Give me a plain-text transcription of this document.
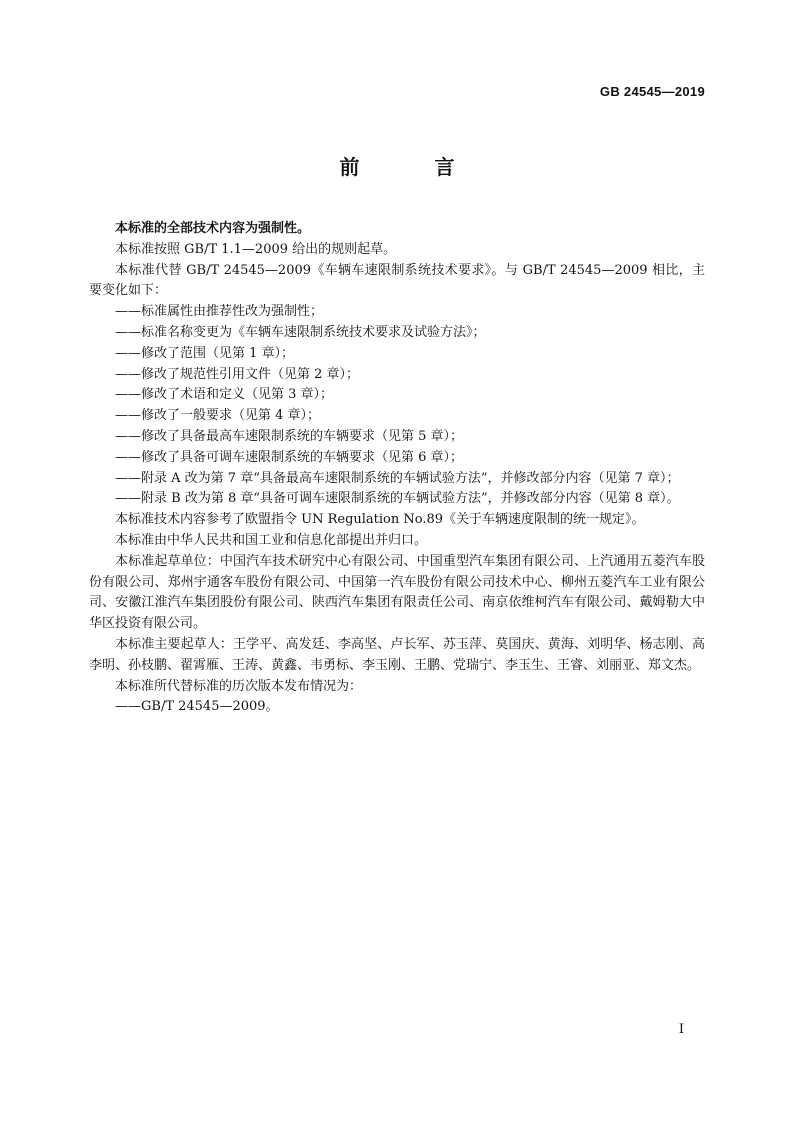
GB 24545—2019
前 言
本标准的全部技术内容为强制性。
本标准按照 GB/T 1.1—2009 给出的规则起草。
本标准代替 GB/T 24545—2009《车辆车速限制系统技术要求》。与 GB/T 24545—2009 相比，主要变化如下：
——标准属性由推荐性改为强制性；
——标准名称变更为《车辆车速限制系统技术要求及试验方法》；
——修改了范围（见第 1 章）；
——修改了规范性引用文件（见第 2 章）；
——修改了术语和定义（见第 3 章）；
——修改了一般要求（见第 4 章）；
——修改了具备最高车速限制系统的车辆要求（见第 5 章）；
——修改了具备可调车速限制系统的车辆要求（见第 6 章）；
——附录 A 改为第 7 章“具备最高车速限制系统的车辆试验方法”，并修改部分内容（见第 7 章）；
——附录 B 改为第 8 章“具备可调车速限制系统的车辆试验方法”，并修改部分内容（见第 8 章）。
本标准技术内容参考了欧盟指令 UN Regulation No.89《关于车辆速度限制的统一规定》。
本标准由中华人民共和国工业和信息化部提出并归口。
本标准起草单位：中国汽车技术研究中心有限公司、中国重型汽车集团有限公司、上汽通用五菱汽车股份有限公司、郑州宇通客车股份有限公司、中国第一汽车股份有限公司技术中心、柳州五菱汽车工业有限公司、安徽江淮汽车集团股份有限公司、陕西汽车集团有限责任公司、南京依维柯汽车有限公司、戴姆勒大中华区投资有限公司。
本标准主要起草人：王学平、高发廷、李高坚、卢长军、苏玉萍、莫国庆、黄海、刘明华、杨志刚、高李明、孙枝鹏、翟霄雁、王涛、黄鑫、韦勇标、李玉刚、王鹏、党瑞宁、李玉生、王睿、刘丽亚、郑文杰。
本标准所代替标准的历次版本发布情况为：
——GB/T 24545—2009。
I
